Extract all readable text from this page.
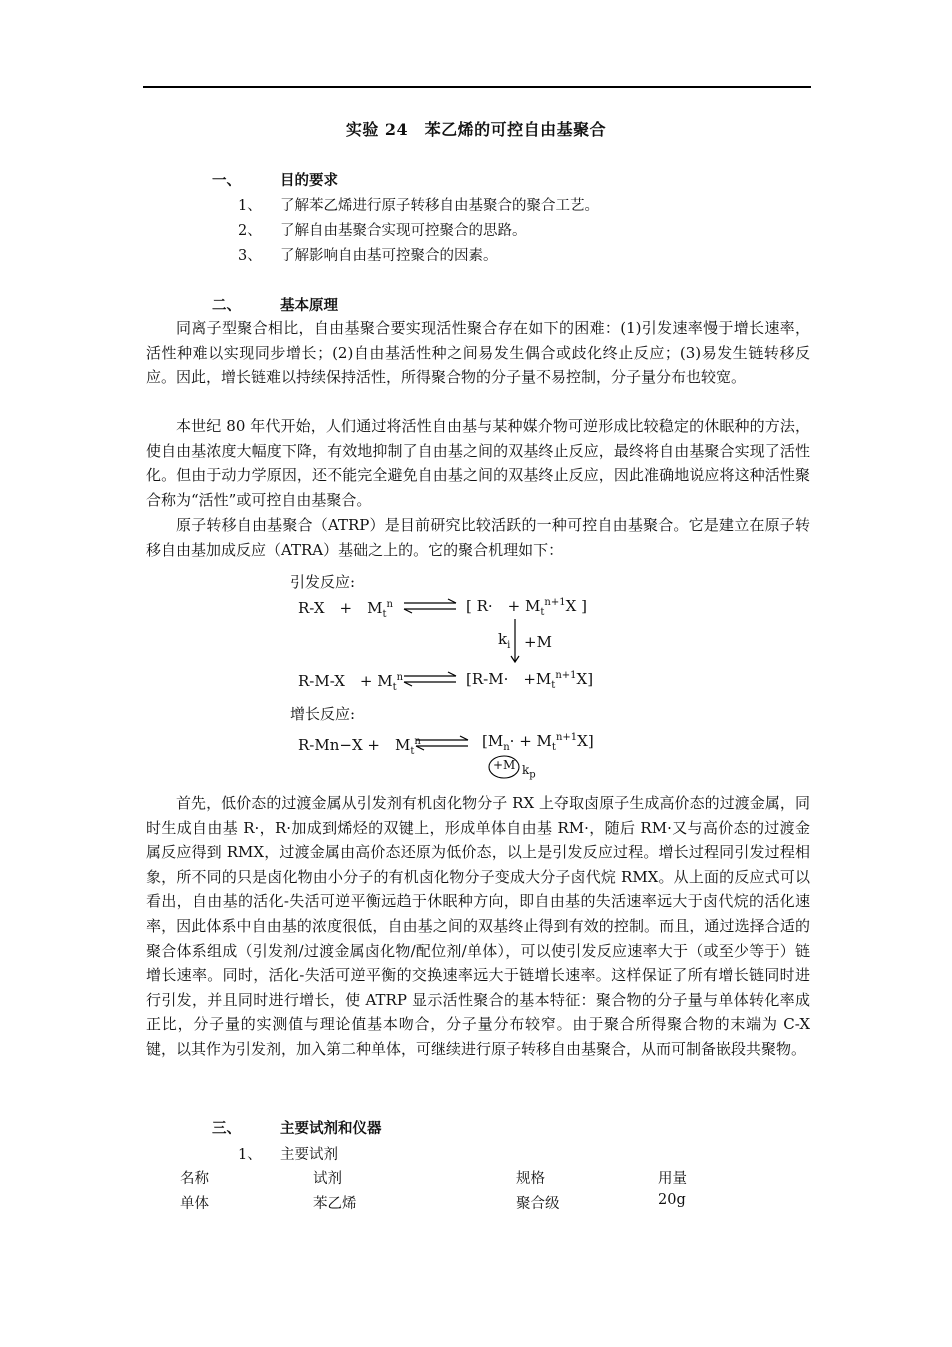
实验 24　苯乙烯的可控自由基聚合
一、	目的要求
1、 了解苯乙烯进行原子转移自由基聚合的聚合工艺。
2、 了解自由基聚合实现可控聚合的思路。
3、 了解影响自由基可控聚合的因素。
二、	基本原理

同离子型聚合相比，自由基聚合要实现活性聚合存在如下的困难：(1)引发速率慢于增长速率，活性种难以实现同步增长；(2)自由基活性种之间易发生偶合或歧化终止反应；(3)易发生链转移反应。因此，增长链难以持续保持活性，所得聚合物的分子量不易控制，分子量分布也较宽。

本世纪 80 年代开始，人们通过将活性自由基与某种媒介物可逆形成比较稳定的休眠种的方法，使自由基浓度大幅度下降，有效地抑制了自由基之间的双基终止反应，最终将自由基聚合实现了活性化。但由于动力学原因，还不能完全避免自由基之间的双基终止反应，因此准确地说应将这种活性聚合称为“活性”或可控自由基聚合。

原子转移自由基聚合（ATRP）是目前研究比较活跃的一种可控自由基聚合。它是建立在原子转移自由基加成反应（ATRA）基础之上的。它的聚合机理如下：

引发反应:
R-X　+　$M_t^n$ ⇌ [ R·　+ $M_t^{n+1}X$ ]
$k_i +M$
R-M-X　+ $M_t^n$ ⇌ [R-M·　$+M_t^{n+1}X$]
增长反应:
R-Mn−X +　$M_t^n$ ⇌ $[M_n\cdot + M_t^{n+1}X]$
+M $k_p$

首先，低价态的过渡金属从引发剂有机卤化物分子 RX 上夺取卤原子生成高价态的过渡金属，同时生成自由基 R·，R·加成到烯烃的双键上，形成单体自由基 RM·，随后 RM·又与高价态的过渡金属反应得到 RMX，过渡金属由高价态还原为低价态，以上是引发反应过程。增长过程同引发过程相象，所不同的只是卤化物由小分子的有机卤化物分子变成大分子卤代烷 RMX。从上面的反应式可以看出，自由基的活化-失活可逆平衡远趋于休眠种方向，即自由基的失活速率远大于卤代烷的活化速率，因此体系中自由基的浓度很低，自由基之间的双基终止得到有效的控制。而且，通过选择合适的聚合体系组成（引发剂/过渡金属卤化物/配位剂/单体），可以使引发反应速率大于（或至少等于）链增长速率。同时，活化-失活可逆平衡的交换速率远大于链增长速率。这样保证了所有增长链同时进行引发，并且同时进行增长，使 ATRP 显示活性聚合的基本特征：聚合物的分子量与单体转化率成正比，分子量的实测值与理论值基本吻合，分子量分布较窄。由于聚合所得聚合物的末端为 C-X 键，以其作为引发剂，加入第二种单体，可继续进行原子转移自由基聚合，从而可制备嵌段共聚物。

三、	主要试剂和仪器
1、 主要试剂
名称	试剂	规格	用量
单体	苯乙烯	聚合级	20g
